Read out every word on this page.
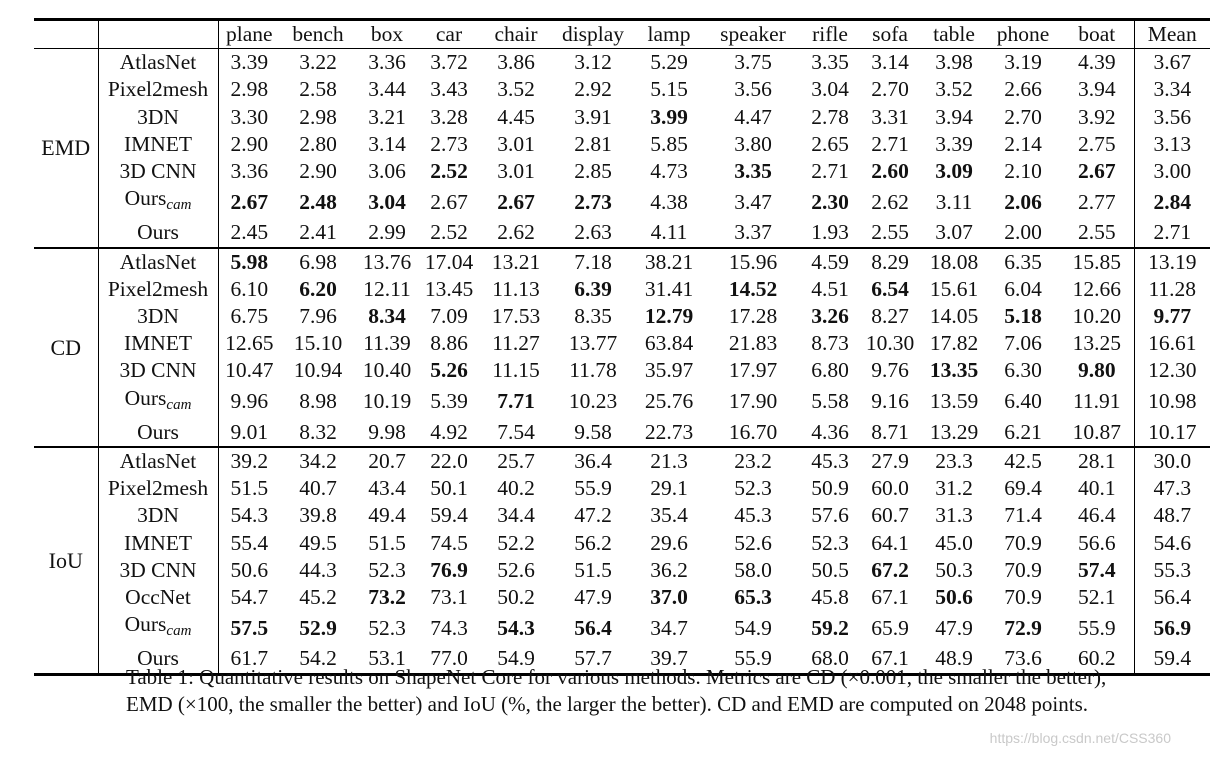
		plane	bench	box	car	chair	display	lamp	speaker	rifle	sofa	table	phone	boat	Mean
EMD	AtlasNet	3.39	3.22	3.36	3.72	3.86	3.12	5.29	3.75	3.35	3.14	3.98	3.19	4.39	3.67
	Pixel2mesh	2.98	2.58	3.44	3.43	3.52	2.92	5.15	3.56	3.04	2.70	3.52	2.66	3.94	3.34
	3DN	3.30	2.98	3.21	3.28	4.45	3.91	3.99	4.47	2.78	3.31	3.94	2.70	3.92	3.56
	IMNET	2.90	2.80	3.14	2.73	3.01	2.81	5.85	3.80	2.65	2.71	3.39	2.14	2.75	3.13
	3D CNN	3.36	2.90	3.06	2.52	3.01	2.85	4.73	3.35	2.71	2.60	3.09	2.10	2.67	3.00
	Ours$_{cam}$	2.67	2.48	3.04	2.67	2.67	2.73	4.38	3.47	2.30	2.62	3.11	2.06	2.77	2.84
	Ours	2.45	2.41	2.99	2.52	2.62	2.63	4.11	3.37	1.93	2.55	3.07	2.00	2.55	2.71
CD	AtlasNet	5.98	6.98	13.76	17.04	13.21	7.18	38.21	15.96	4.59	8.29	18.08	6.35	15.85	13.19
	Pixel2mesh	6.10	6.20	12.11	13.45	11.13	6.39	31.41	14.52	4.51	6.54	15.61	6.04	12.66	11.28
	3DN	6.75	7.96	8.34	7.09	17.53	8.35	12.79	17.28	3.26	8.27	14.05	5.18	10.20	9.77
	IMNET	12.65	15.10	11.39	8.86	11.27	13.77	63.84	21.83	8.73	10.30	17.82	7.06	13.25	16.61
	3D CNN	10.47	10.94	10.40	5.26	11.15	11.78	35.97	17.97	6.80	9.76	13.35	6.30	9.80	12.30
	Ours$_{cam}$	9.96	8.98	10.19	5.39	7.71	10.23	25.76	17.90	5.58	9.16	13.59	6.40	11.91	10.98
	Ours	9.01	8.32	9.98	4.92	7.54	9.58	22.73	16.70	4.36	8.71	13.29	6.21	10.87	10.17
IoU	AtlasNet	39.2	34.2	20.7	22.0	25.7	36.4	21.3	23.2	45.3	27.9	23.3	42.5	28.1	30.0
	Pixel2mesh	51.5	40.7	43.4	50.1	40.2	55.9	29.1	52.3	50.9	60.0	31.2	69.4	40.1	47.3
	3DN	54.3	39.8	49.4	59.4	34.4	47.2	35.4	45.3	57.6	60.7	31.3	71.4	46.4	48.7
	IMNET	55.4	49.5	51.5	74.5	52.2	56.2	29.6	52.6	52.3	64.1	45.0	70.9	56.6	54.6
	3D CNN	50.6	44.3	52.3	76.9	52.6	51.5	36.2	58.0	50.5	67.2	50.3	70.9	57.4	55.3
	OccNet	54.7	45.2	73.2	73.1	50.2	47.9	37.0	65.3	45.8	67.1	50.6	70.9	52.1	56.4
	Ours$_{cam}$	57.5	52.9	52.3	74.3	54.3	56.4	34.7	54.9	59.2	65.9	47.9	72.9	55.9	56.9
	Ours	61.7	54.2	53.1	77.0	54.9	57.7	39.7	55.9	68.0	67.1	48.9	73.6	60.2	59.4
Table 1: Quantitative results on ShapeNet Core for various methods. Metrics are CD (×0.001, the smaller the better), EMD (×100, the smaller the better) and IoU (%, the larger the better). CD and EMD are computed on 2048 points.
https://blog.csdn.net/CSS360
